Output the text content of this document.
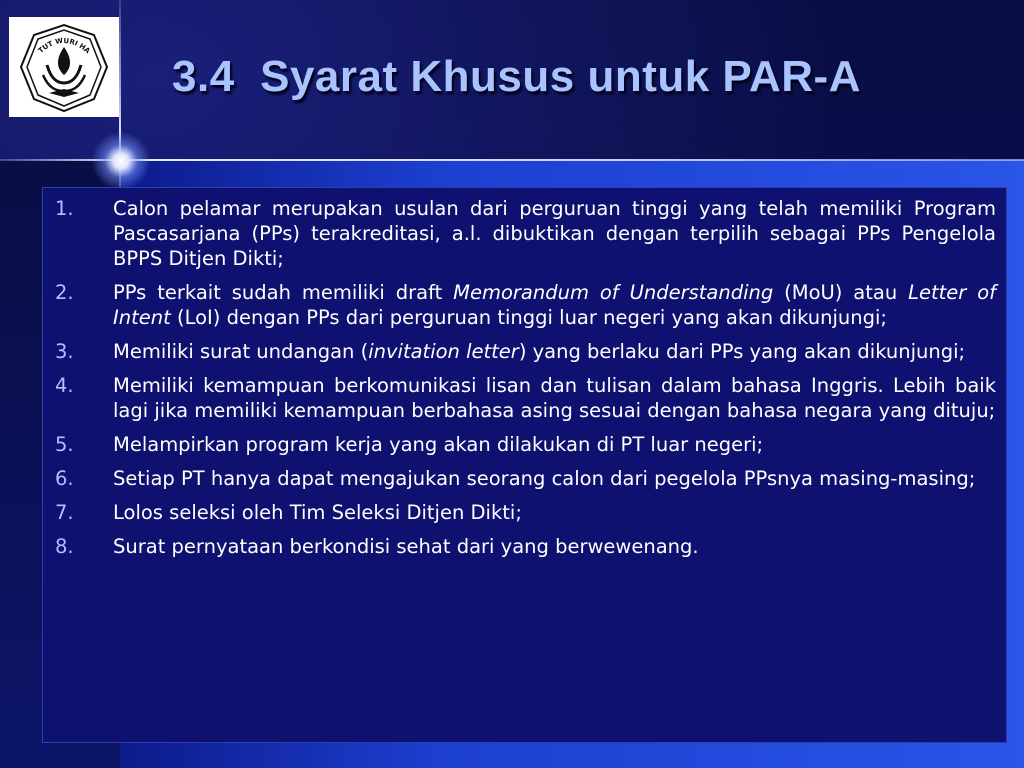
TUT WURI HA
3.4  Syarat Khusus untuk PAR-A
1.	Calon pelamar merupakan usulan dari perguruan tinggi yang telah memiliki Program Pascasarjana (PPs) terakreditasi, a.l. dibuktikan dengan terpilih sebagai PPs Pengelola BPPS Ditjen Dikti;
2.	PPs terkait sudah memiliki draft Memorandum of Understanding (MoU) atau Letter of Intent (LoI) dengan PPs dari perguruan tinggi luar negeri yang akan dikunjungi;
3.	Memiliki surat undangan (invitation letter) yang berlaku dari PPs yang akan dikunjungi;
4.	Memiliki kemampuan berkomunikasi lisan dan tulisan dalam bahasa Inggris. Lebih baik lagi jika memiliki kemampuan berbahasa asing sesuai dengan bahasa negara yang dituju;
5.	Melampirkan program kerja yang akan dilakukan di PT luar negeri;
6.	Setiap PT hanya dapat mengajukan seorang calon dari pegelola PPsnya masing-masing;
7.	Lolos seleksi oleh Tim Seleksi Ditjen Dikti;
8.	Surat pernyataan berkondisi sehat dari yang berwewenang.
